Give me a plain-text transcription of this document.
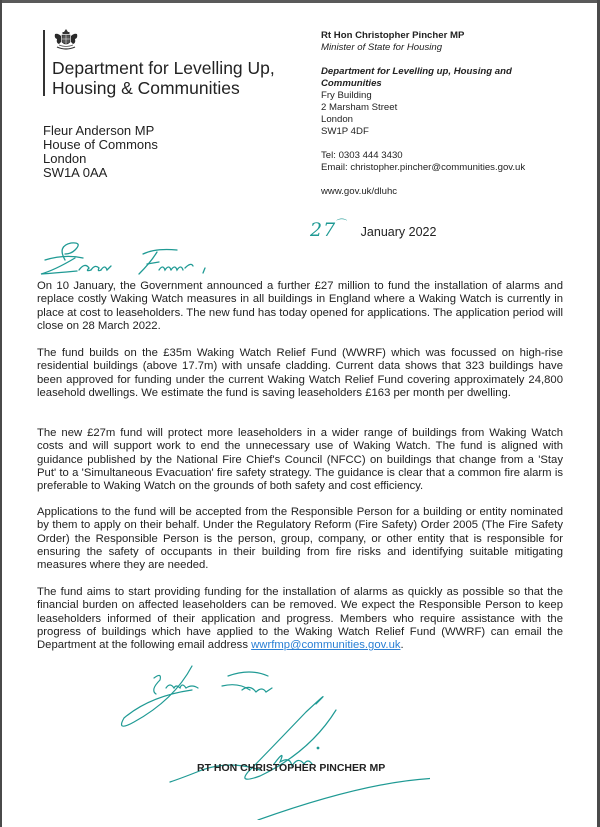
Department for Levelling Up,
Housing & Communities
Rt Hon Christopher Pincher MP
Minister of State for Housing
Department for Levelling up, Housing and
Communities
Fry Building
2 Marsham Street
London
SW1P 4DF
Tel: 0303 444 3430
Email: christopher.pincher@communities.gov.uk
www.gov.uk/dluhc
Fleur Anderson MP
House of Commons
London
SW1A 0AA
27⌒ January 2022
On 10 January, the Government announced a further £27 million to fund the installation of alarms and replace costly Waking Watch measures in all buildings in England where a Waking Watch is currently in place at cost to leaseholders. The new fund has today opened for applications. The application period will close on 28 March 2022.
The fund builds on the £35m Waking Watch Relief Fund (WWRF) which was focussed on high-rise residential buildings (above 17.7m) with unsafe cladding. Current data shows that 323 buildings have been approved for funding under the current Waking Watch Relief Fund covering approximately 24,800 leasehold dwellings. We estimate the fund is saving leaseholders £163 per month per dwelling.
The new £27m fund will protect more leaseholders in a wider range of buildings from Waking Watch costs and will support work to end the unnecessary use of Waking Watch. The fund is aligned with guidance published by the National Fire Chief's Council (NFCC) on buildings that change from a 'Stay Put' to a 'Simultaneous Evacuation' fire safety strategy. The guidance is clear that a common fire alarm is preferable to Waking Watch on the grounds of both safety and cost efficiency.
Applications to the fund will be accepted from the Responsible Person for a building or entity nominated by them to apply on their behalf. Under the Regulatory Reform (Fire Safety) Order 2005 (The Fire Safety Order) the Responsible Person is the person, group, company, or other entity that is responsible for ensuring the safety of occupants in their building from fire risks and identifying suitable mitigating measures where they are needed.
The fund aims to start providing funding for the installation of alarms as quickly as possible so that the financial burden on affected leaseholders can be removed. We expect the Responsible Person to keep leaseholders informed of their application and progress. Members who require assistance with the progress of buildings which have applied to the Waking Watch Relief Fund (WWRF) can email the Department at the following email address wwrfmp@communities.gov.uk.
RT HON CHRISTOPHER PINCHER MP
